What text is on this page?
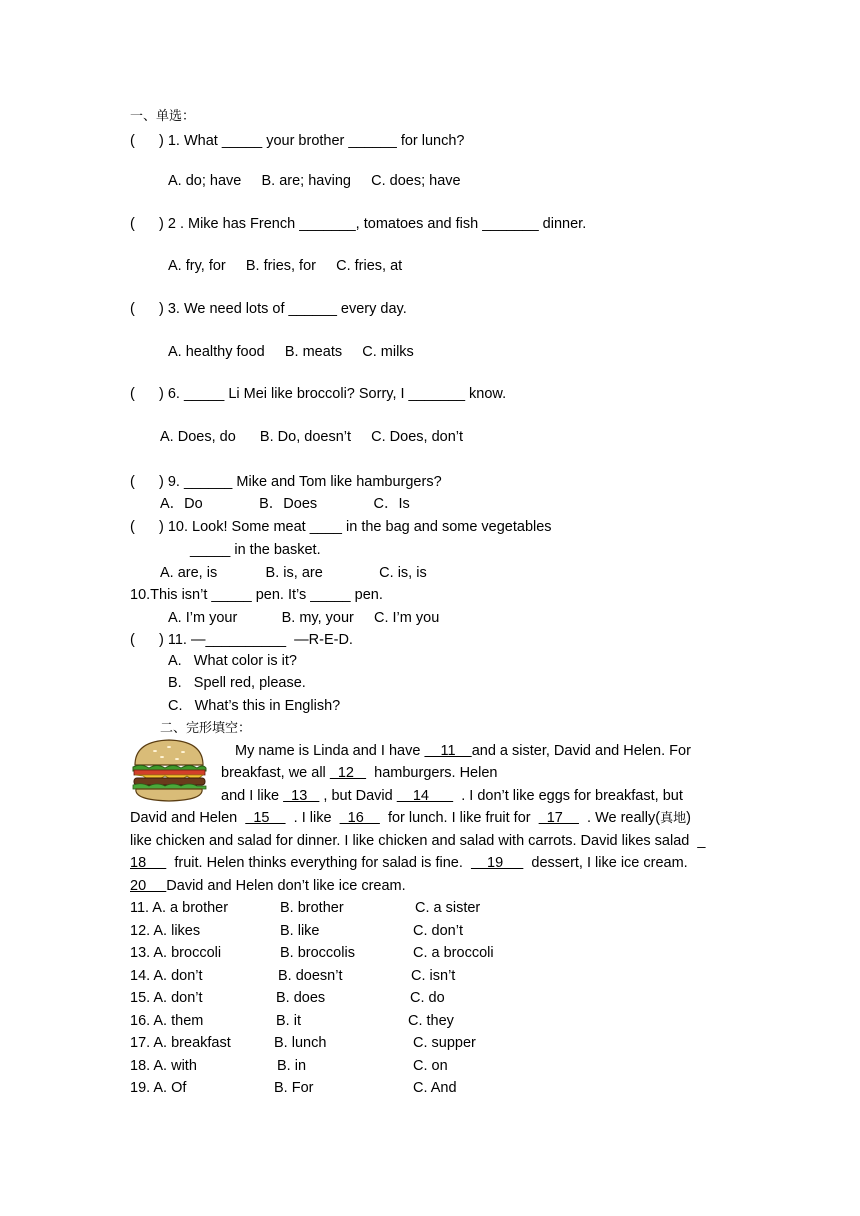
一、单选：
(      ) 1. What _____ your brother ______ for lunch?
A. do; have     B. are; having     C. does; have
(      ) 2 . Mike has French _______, tomatoes and fish _______ dinner.
A. fry, for     B. fries, for     C. fries, at
(      ) 3. We need lots of ______ every day.
A. healthy food     B. meats     C. milks
(      ) 6. _____ Li Mei like broccoli? Sorry, I _______ know.
A. Does, do      B. Do, doesn’t     C. Does, don’t
(      ) 9. ______ Mike and Tom like hamburgers?
A．Do              B．Does              C．Is
(      ) 10. Look! Some meat ____ in the bag and some vegetables
_____ in the basket.
A. are, is            B. is, are              C. is, is
10.This isn’t _____ pen. It’s _____ pen.
A. I’m your           B. my, your     C. I’m you
(      ) 11. —__________  —R-E-D.
A.   What color is it?
B.   Spell red, please.
C.   What’s this in English?
二、完形填空：
My name is Linda and I have     11    and a sister, David and Helen. For
breakfast, we all   12     hamburgers. Helen
and I like   13    , but David     14        . I don’t like eggs for breakfast, but
David and Helen    15      . I like    16      for lunch. I like fruit for    17      . We really(真地)
like chicken and salad for dinner. I like chicken and salad with carrots. David likes salad  _
18       fruit. Helen thinks everything for salad is fine.      19       dessert, I like ice cream.
20     David and Helen don’t like ice cream.
11. A. a brother	B. brother	C. a sister
12. A. likes	B. like	C. don’t
13. A. broccoli	B. broccolis	C. a broccoli
14. A. don’t	B. doesn’t	C. isn’t
15. A. don’t	B. does	C. do
16. A. them	B. it	C. they
17. A. breakfast	B. lunch	C. supper
18. A. with	B. in	C. on
19. A. Of	B. For	C. And
